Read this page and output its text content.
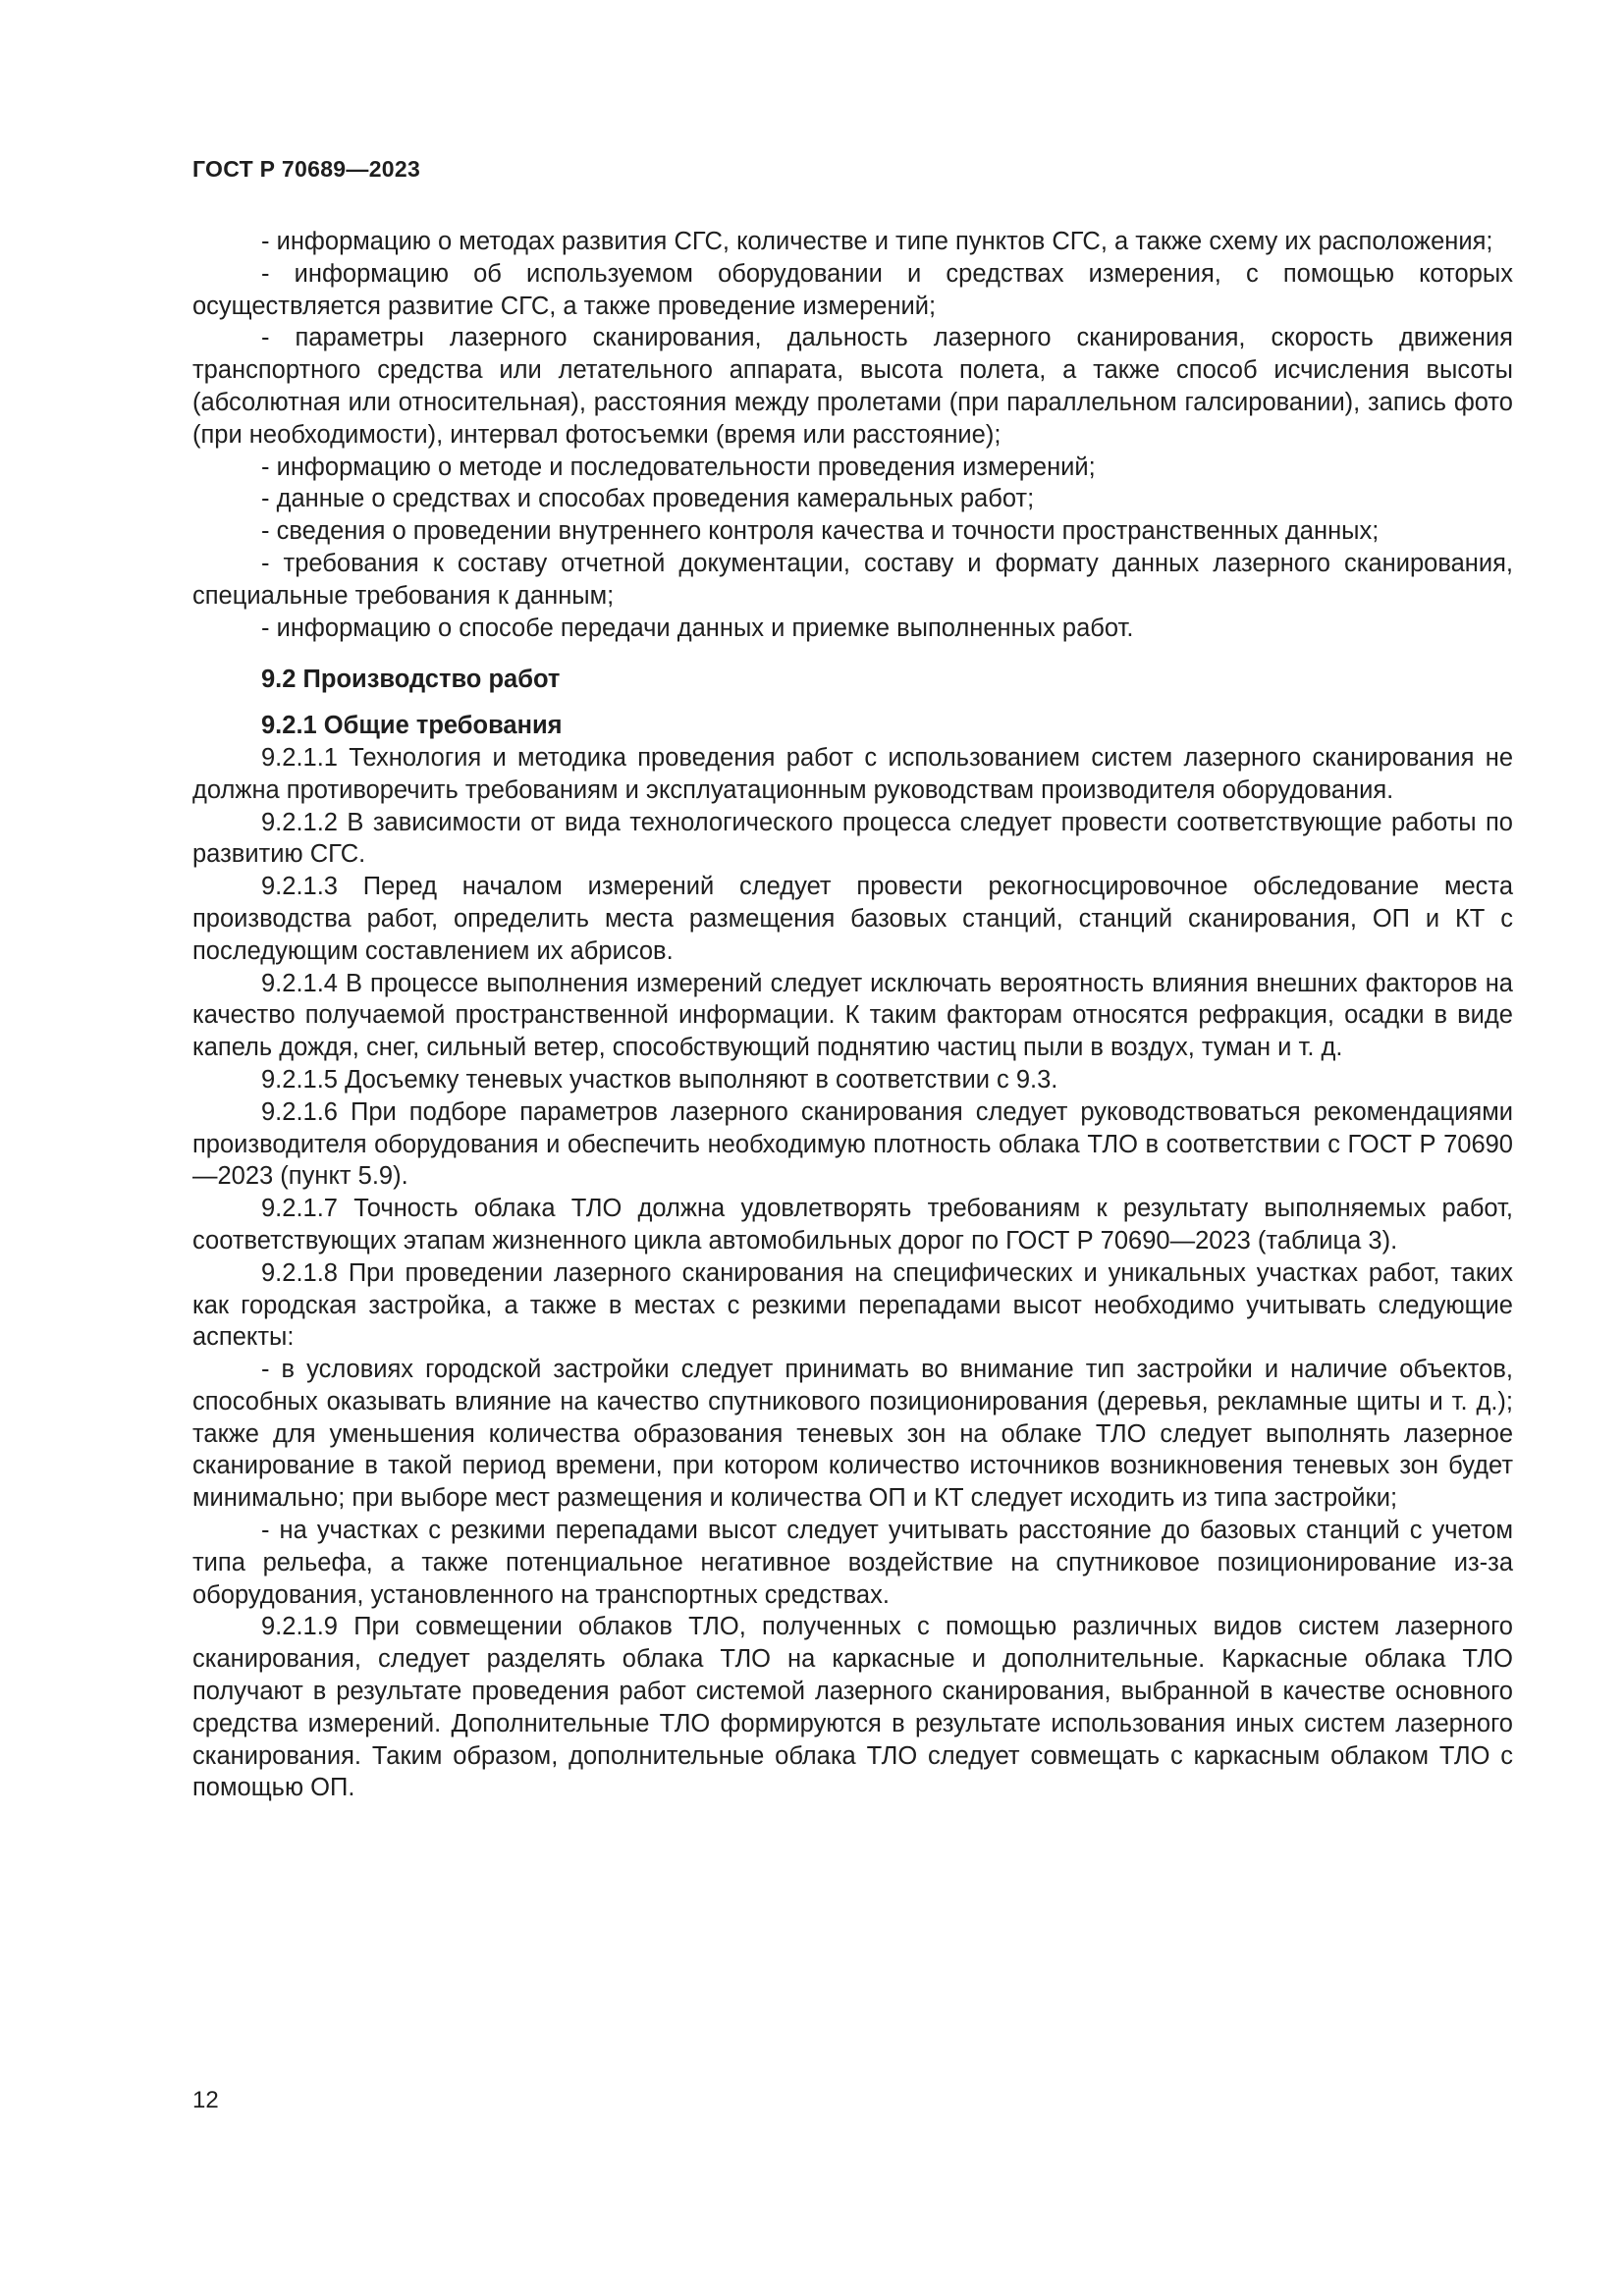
ГОСТ Р 70689—2023

- информацию о методах развития СГС, количестве и типе пунктов СГС, а также схему их расположения;

- информацию об используемом оборудовании и средствах измерения, с помощью которых осуществляется развитие СГС, а также проведение измерений;

- параметры лазерного сканирования, дальность лазерного сканирования, скорость движения транспортного средства или летательного аппарата, высота полета, а также способ исчисления высоты (абсолютная или относительная), расстояния между пролетами (при параллельном галсировании), запись фото (при необходимости), интервал фотосъемки (время или расстояние);

- информацию о методе и последовательности проведения измерений;

- данные о средствах и способах проведения камеральных работ;

- сведения о проведении внутреннего контроля качества и точности пространственных данных;

- требования к составу отчетной документации, составу и формату данных лазерного сканирования, специальные требования к данным;

- информацию о способе передачи данных и приемке выполненных работ.

9.2 Производство работ

9.2.1 Общие требования

9.2.1.1 Технология и методика проведения работ с использованием систем лазерного сканирования не должна противоречить требованиям и эксплуатационным руководствам производителя оборудования.

9.2.1.2 В зависимости от вида технологического процесса следует провести соответствующие работы по развитию СГС.

9.2.1.3 Перед началом измерений следует провести рекогносцировочное обследование места производства работ, определить места размещения базовых станций, станций сканирования, ОП и КТ с последующим составлением их абрисов.

9.2.1.4 В процессе выполнения измерений следует исключать вероятность влияния внешних факторов на качество получаемой пространственной информации. К таким факторам относятся рефракция, осадки в виде капель дождя, снег, сильный ветер, способствующий поднятию частиц пыли в воздух, туман и т. д.

9.2.1.5 Досъемку теневых участков выполняют в соответствии с 9.3.

9.2.1.6 При подборе параметров лазерного сканирования следует руководствоваться рекомендациями производителя оборудования и обеспечить необходимую плотность облака ТЛО в соответствии с ГОСТ Р 70690—2023 (пункт 5.9).

9.2.1.7 Точность облака ТЛО должна удовлетворять требованиям к результату выполняемых работ, соответствующих этапам жизненного цикла автомобильных дорог по ГОСТ Р 70690—2023 (таблица 3).

9.2.1.8 При проведении лазерного сканирования на специфических и уникальных участках работ, таких как городская застройка, а также в местах с резкими перепадами высот необходимо учитывать следующие аспекты:

- в условиях городской застройки следует принимать во внимание тип застройки и наличие объектов, способных оказывать влияние на качество спутникового позиционирования (деревья, рекламные щиты и т. д.); также для уменьшения количества образования теневых зон на облаке ТЛО следует выполнять лазерное сканирование в такой период времени, при котором количество источников возникновения теневых зон будет минимально; при выборе мест размещения и количества ОП и КТ следует исходить из типа застройки;

- на участках с резкими перепадами высот следует учитывать расстояние до базовых станций с учетом типа рельефа, а также потенциальное негативное воздействие на спутниковое позиционирование из-за оборудования, установленного на транспортных средствах.

9.2.1.9 При совмещении облаков ТЛО, полученных с помощью различных видов систем лазерного сканирования, следует разделять облака ТЛО на каркасные и дополнительные. Каркасные облака ТЛО получают в результате проведения работ системой лазерного сканирования, выбранной в качестве основного средства измерений. Дополнительные ТЛО формируются в результате использования иных систем лазерного сканирования. Таким образом, дополнительные облака ТЛО следует совмещать с каркасным облаком ТЛО с помощью ОП.

12
